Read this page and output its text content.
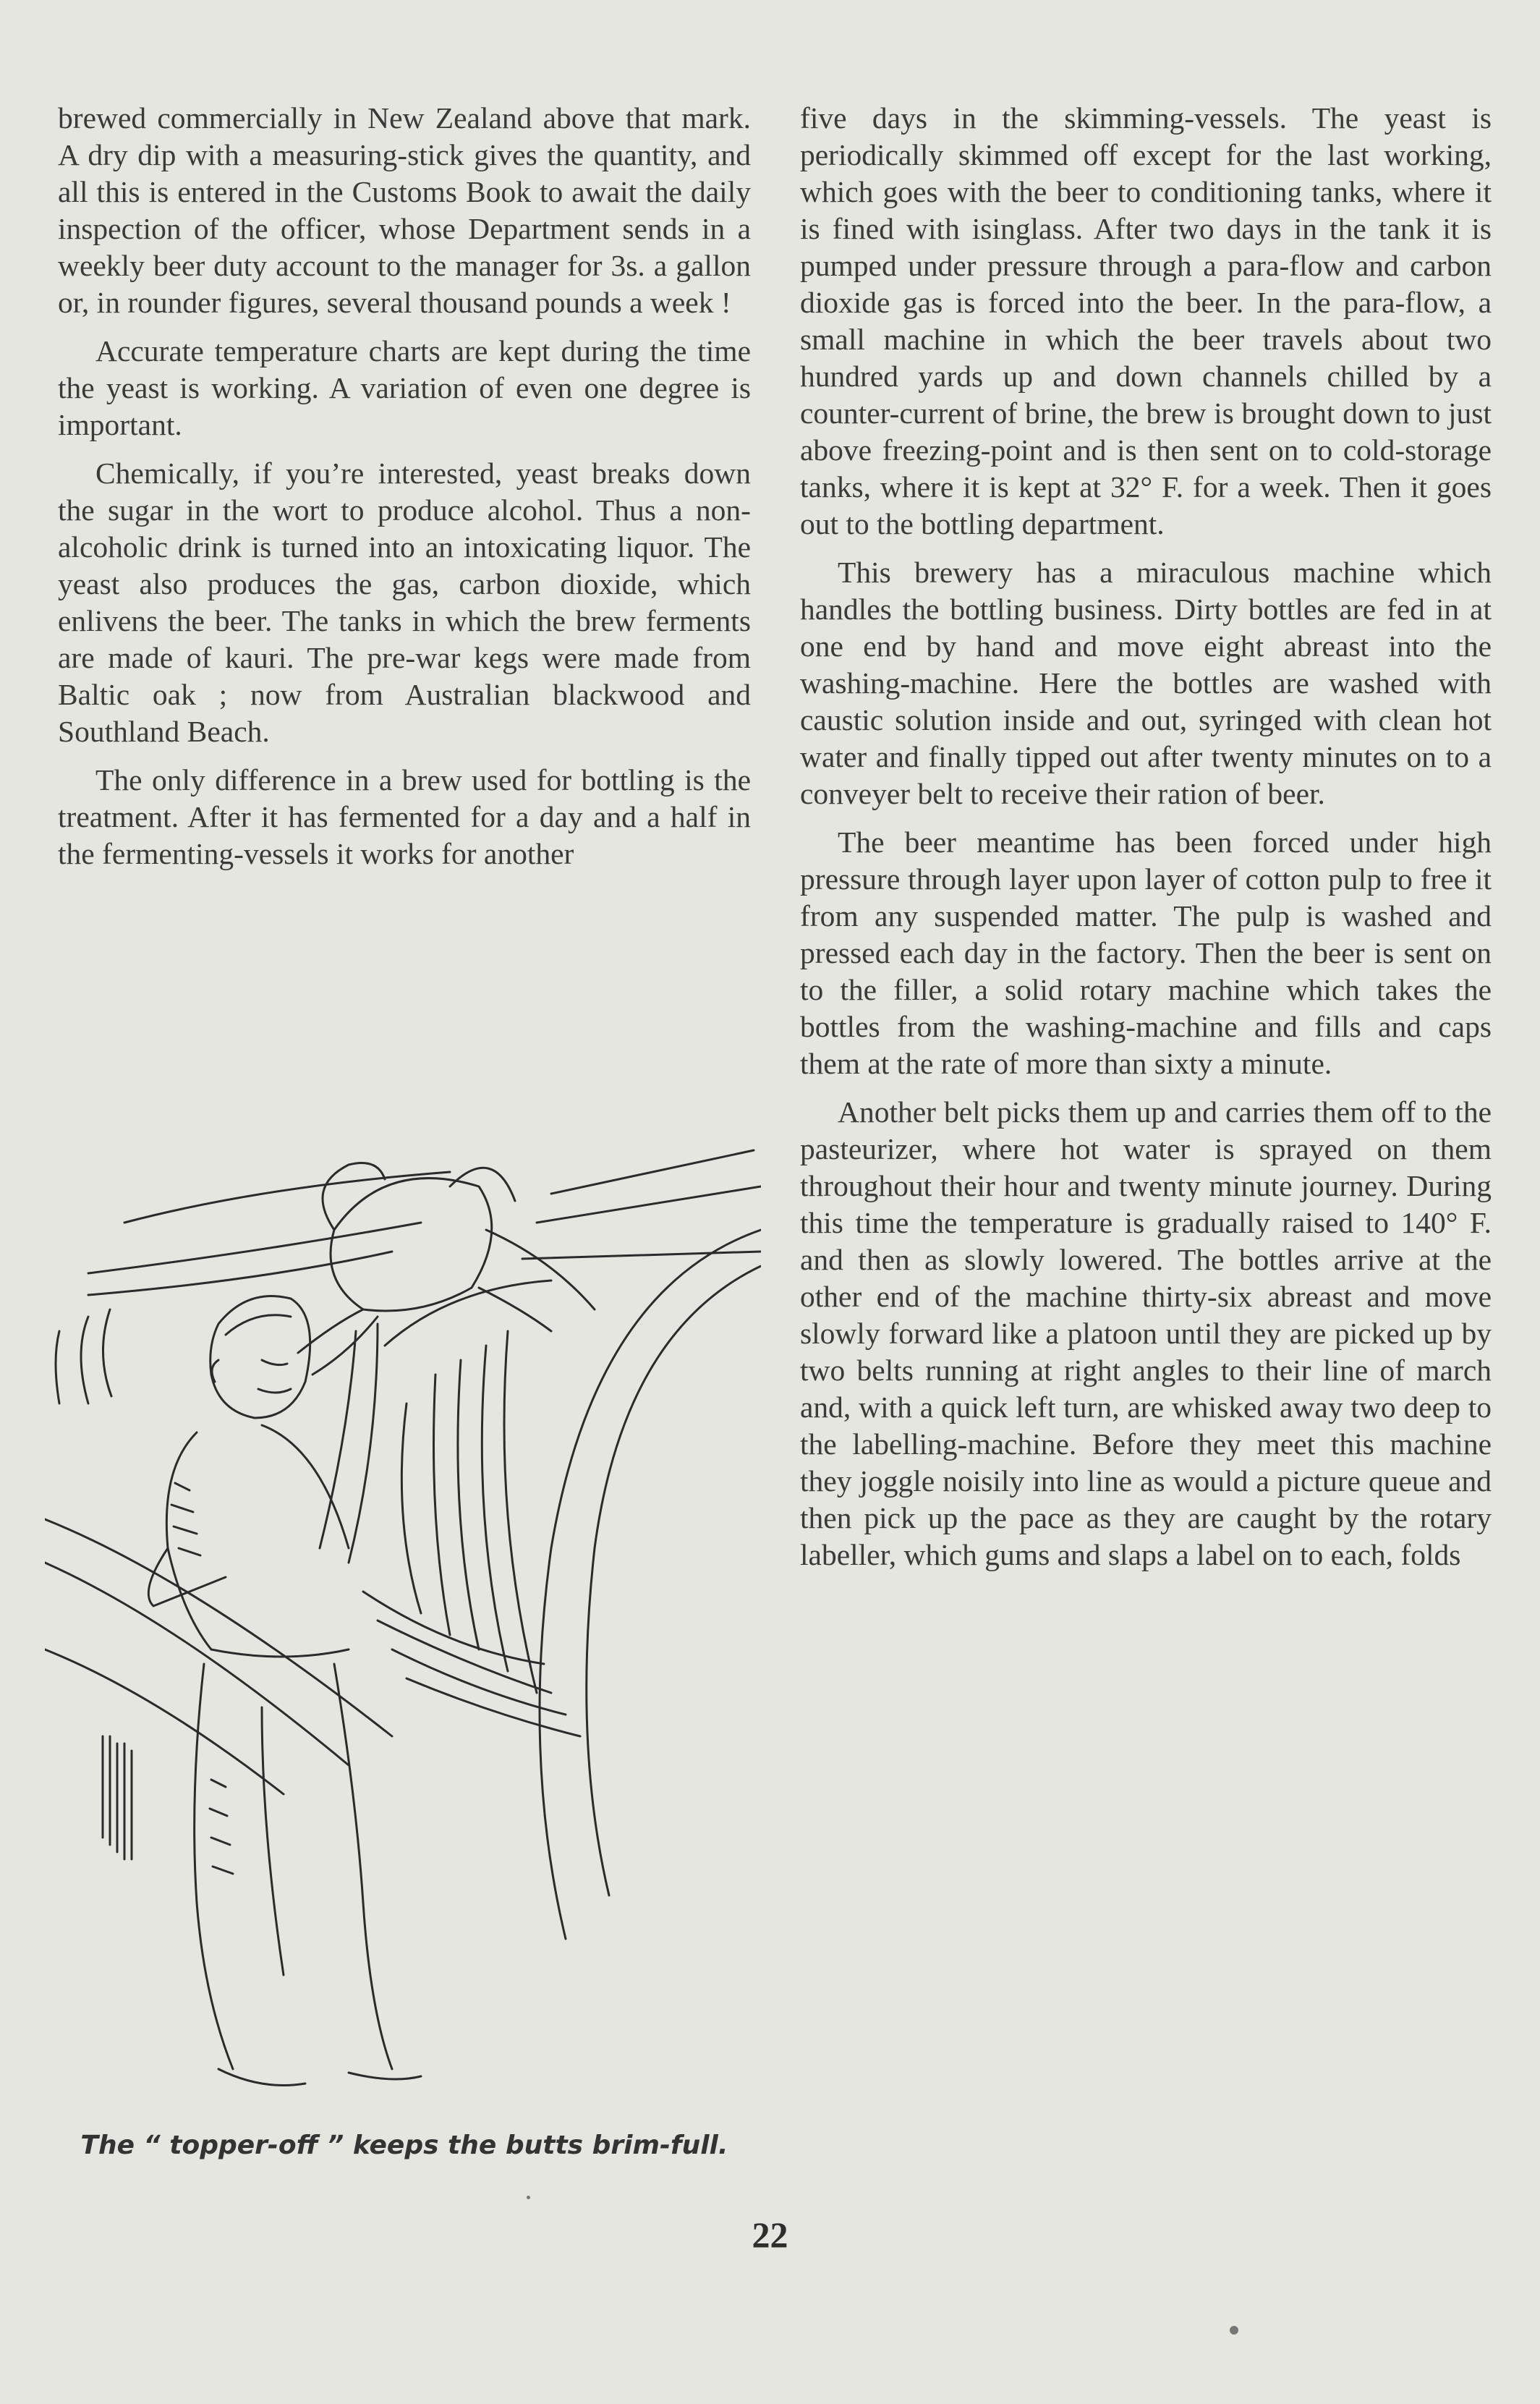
brewed commercially in New Zealand above that mark. A dry dip with a measuring-stick gives the quantity, and all this is entered in the Customs Book to await the daily inspection of the officer, whose Department sends in a weekly beer duty account to the manager for 3s. a gallon or, in rounder figures, several thousand pounds a week !

Accurate temperature charts are kept during the time the yeast is working. A variation of even one degree is important.

Chemically, if you’re interested, yeast breaks down the sugar in the wort to produce alcohol. Thus a non-alcoholic drink is turned into an intoxicating liquor. The yeast also produces the gas, carbon dioxide, which enlivens the beer. The tanks in which the brew ferments are made of kauri. The pre-war kegs were made from Baltic oak ; now from Australian blackwood and Southland Beach.

The only difference in a brew used for bottling is the treatment. After it has fermented for a day and a half in the fermenting-vessels it works for another

The “ topper-off ” keeps the butts brim-full.

five days in the skimming-vessels. The yeast is periodically skimmed off except for the last working, which goes with the beer to conditioning tanks, where it is fined with isinglass. After two days in the tank it is pumped under pressure through a para-flow and carbon dioxide gas is forced into the beer. In the para-flow, a small machine in which the beer travels about two hundred yards up and down channels chilled by a counter-current of brine, the brew is brought down to just above freezing-point and is then sent on to cold-storage tanks, where it is kept at 32° F. for a week. Then it goes out to the bottling department.

This brewery has a miraculous machine which handles the bottling business. Dirty bottles are fed in at one end by hand and move eight abreast into the washing-machine. Here the bottles are washed with caustic solution inside and out, syringed with clean hot water and finally tipped out after twenty minutes on to a conveyer belt to receive their ration of beer.

The beer meantime has been forced under high pressure through layer upon layer of cotton pulp to free it from any suspended matter. The pulp is washed and pressed each day in the factory. Then the beer is sent on to the filler, a solid rotary machine which takes the bottles from the washing-machine and fills and caps them at the rate of more than sixty a minute.

Another belt picks them up and carries them off to the pasteurizer, where hot water is sprayed on them throughout their hour and twenty minute journey. During this time the temperature is gradually raised to 140° F. and then as slowly lowered. The bottles arrive at the other end of the machine thirty-six abreast and move slowly forward like a platoon until they are picked up by two belts running at right angles to their line of march and, with a quick left turn, are whisked away two deep to the labelling-machine. Before they meet this machine they joggle noisily into line as would a picture queue and then pick up the pace as they are caught by the rotary labeller, which gums and slaps a label on to each, folds

22
